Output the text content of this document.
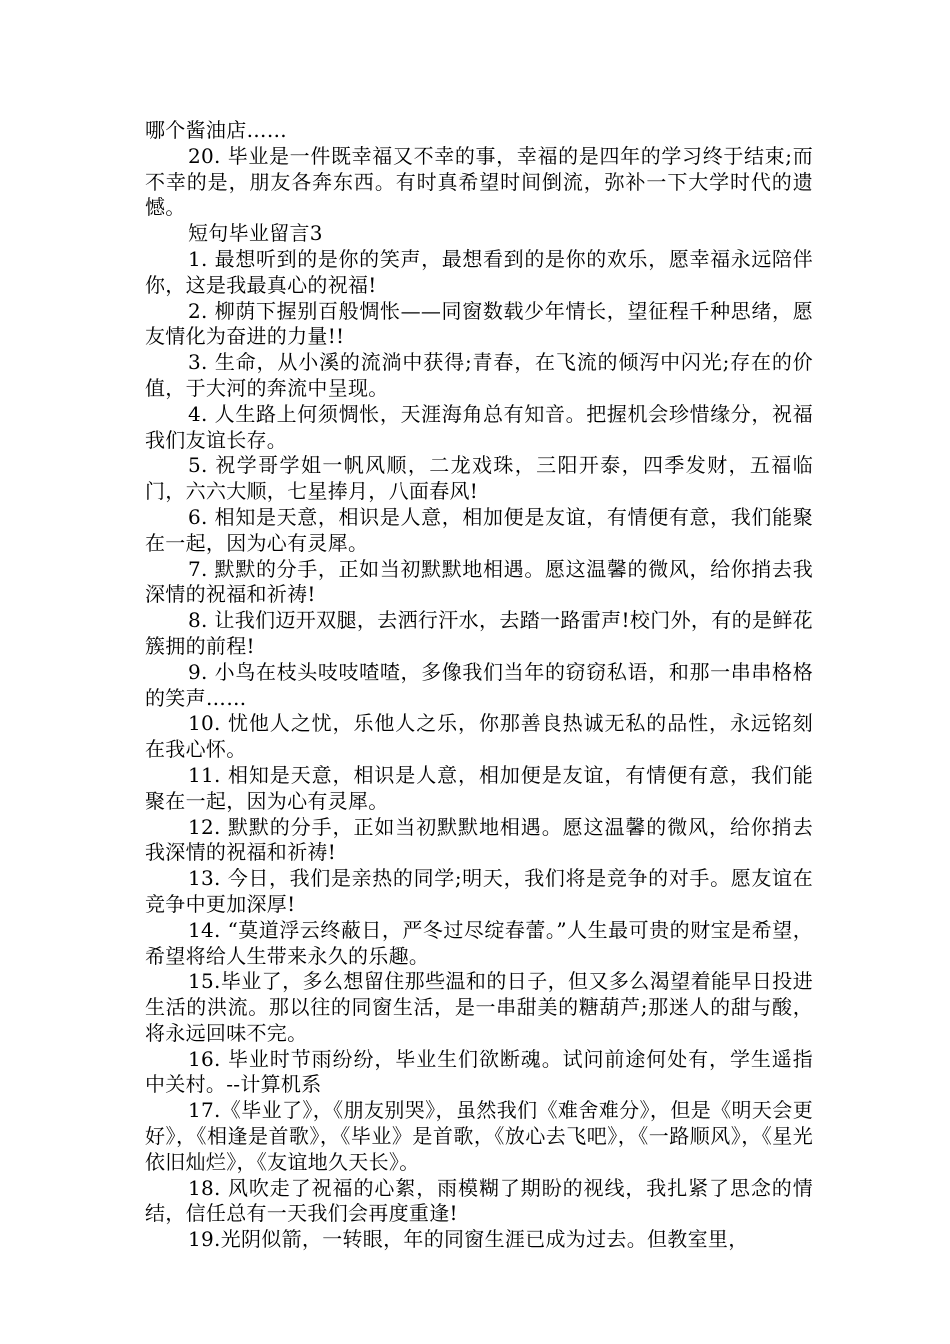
哪个酱油店……

20. 毕业是一件既幸福又不幸的事，幸福的是四年的学习终于结束;而不幸的是，朋友各奔东西。有时真希望时间倒流，弥补一下大学时代的遗憾。

短句毕业留言3

1. 最想听到的是你的笑声，最想看到的是你的欢乐，愿幸福永远陪伴你，这是我最真心的祝福!

2. 柳荫下握别百般惆怅——同窗数载少年情长，望征程千种思绪，愿友情化为奋进的力量!!

3. 生命，从小溪的流淌中获得;青春，在飞流的倾泻中闪光;存在的价值，于大河的奔流中呈现。

4. 人生路上何须惆怅，天涯海角总有知音。把握机会珍惜缘分，祝福我们友谊长存。

5. 祝学哥学姐一帆风顺，二龙戏珠，三阳开泰，四季发财，五福临门，六六大顺，七星捧月，八面春风!

6. 相知是天意，相识是人意，相加便是友谊，有情便有意，我们能聚在一起，因为心有灵犀。

7. 默默的分手，正如当初默默地相遇。愿这温馨的微风，给你捎去我深情的祝福和祈祷!

8. 让我们迈开双腿，去洒行汗水，去踏一路雷声!校门外，有的是鲜花簇拥的前程!

9. 小鸟在枝头吱吱喳喳，多像我们当年的窃窃私语，和那一串串格格的笑声……

10. 忧他人之忧，乐他人之乐，你那善良热诚无私的品性，永远铭刻在我心怀。

11. 相知是天意，相识是人意，相加便是友谊，有情便有意，我们能聚在一起，因为心有灵犀。

12. 默默的分手，正如当初默默地相遇。愿这温馨的微风，给你捎去我深情的祝福和祈祷!

13. 今日，我们是亲热的同学;明天，我们将是竞争的对手。愿友谊在竞争中更加深厚!

14. “莫道浮云终蔽日，严冬过尽绽春蕾。”人生最可贵的财宝是希望，希望将给人生带来永久的乐趣。

15.毕业了，多么想留住那些温和的日子，但又多么渴望着能早日投进生活的洪流。那以往的同窗生活，是一串甜美的糖葫芦;那迷人的甜与酸，将永远回味不完。

16. 毕业时节雨纷纷，毕业生们欲断魂。试问前途何处有，学生遥指中关村。--计算机系

17.《毕业了》，《朋友别哭》，虽然我们《难舍难分》，但是《明天会更好》，《相逢是首歌》，《毕业》是首歌，《放心去飞吧》，《一路顺风》，《星光依旧灿烂》，《友谊地久天长》。

18. 风吹走了祝福的心絮，雨模糊了期盼的视线，我扎紧了思念的情结，信任总有一天我们会再度重逢!

19.光阴似箭，一转眼，年的同窗生涯已成为过去。但教室里，
